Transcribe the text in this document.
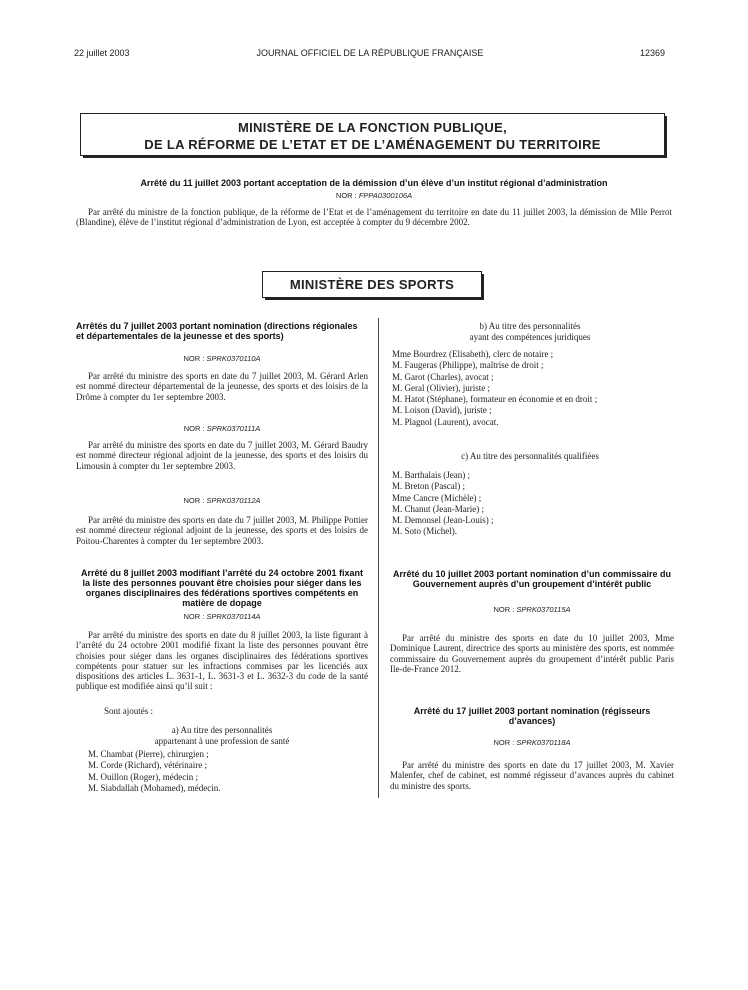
22 juillet 2003	JOURNAL OFFICIEL DE LA RÉPUBLIQUE FRANÇAISE	12369
MINISTÈRE DE LA FONCTION PUBLIQUE,
DE LA RÉFORME DE L’ETAT ET DE L’AMÉNAGEMENT DU TERRITOIRE
Arrêté du 11 juillet 2003 portant acceptation de la démission d’un élève d’un institut régional d’administration
NOR : FPPA0300106A

Par arrêté du ministre de la fonction publique, de la réforme de l’Etat et de l’aménagement du territoire en date du 11 juillet 2003, la démission de Mlle Perrot (Blandine), élève de l’institut régional d’administration de Lyon, est acceptée à compter du 9 décembre 2002.

MINISTÈRE DES SPORTS
Arrêtés du 7 juillet 2003 portant nomination (directions régionales et départementales de la jeunesse et des sports)
NOR : SPRK0370110A

Par arrêté du ministre des sports en date du 7 juillet 2003, M. Gérard Arlen est nommé directeur départemental de la jeunesse, des sports et des loisirs de la Drôme à compter du 1er septembre 2003.

NOR : SPRK0370111A

Par arrêté du ministre des sports en date du 7 juillet 2003, M. Gérard Baudry est nommé directeur régional adjoint de la jeunesse, des sports et des loisirs du Limousin à compter du 1er septembre 2003.

NOR : SPRK0370112A

Par arrêté du ministre des sports en date du 7 juillet 2003, M. Philippe Pottier est nommé directeur régional adjoint de la jeunesse, des sports et des loisirs de Poitou-Charentes à compter du 1er septembre 2003.

Arrêté du 8 juillet 2003 modifiant l’arrêté du 24 octobre 2001 fixant la liste des personnes pouvant être choisies pour siéger dans les organes disciplinaires des fédérations sportives compétents en matière de dopage
NOR : SPRK0370114A

Par arrêté du ministre des sports en date du 8 juillet 2003, la liste figurant à l’arrêté du 24 octobre 2001 modifié fixant la liste des personnes pouvant être choisies pour siéger dans les organes disciplinaires des fédérations sportives compétents pour statuer sur les infractions commises par les licenciés aux dispositions des articles L. 3631-1, L. 3631-3 et L. 3632-3 du code de la santé publique est modifiée ainsi qu’il suit :

Sont ajoutés :
a) Au titre des personnalités
appartenant à une profession de santé
M. Chambat (Pierre), chirurgien ;
M. Corde (Richard), vétérinaire ;
M. Ouillon (Roger), médecin ;
M. Siabdallah (Mohamed), médecin.
b) Au titre des personnalités
ayant des compétences juridiques
Mme Bourdrez (Elisabeth), clerc de notaire ;
M. Faugeras (Philippe), maîtrise de droit ;
M. Garot (Charles), avocat ;
M. Geral (Olivier), juriste ;
M. Hatot (Stéphane), formateur en économie et en droit ;
M. Loison (David), juriste ;
M. Plagnol (Laurent), avocat.
c) Au titre des personnalités qualifiées
M. Barthalais (Jean) ;
M. Breton (Pascal) ;
Mme Cancre (Michèle) ;
M. Chanut (Jean-Marie) ;
M. Demonsel (Jean-Louis) ;
M. Soto (Michel).
Arrêté du 10 juillet 2003 portant nomination d’un commissaire du Gouvernement auprès d’un groupement d’intérêt public
NOR : SPRK0370115A

Par arrêté du ministre des sports en date du 10 juillet 2003, Mme Dominique Laurent, directrice des sports au ministère des sports, est nommée commissaire du Gouvernement auprès du groupement d’intérêt public Paris Ile-de-France 2012.

Arrêté du 17 juillet 2003 portant nomination (régisseurs d’avances)
NOR : SPRK0370118A

Par arrêté du ministre des sports en date du 17 juillet 2003, M. Xavier Malenfer, chef de cabinet, est nommé régisseur d’avances auprès du cabinet du ministre des sports.
